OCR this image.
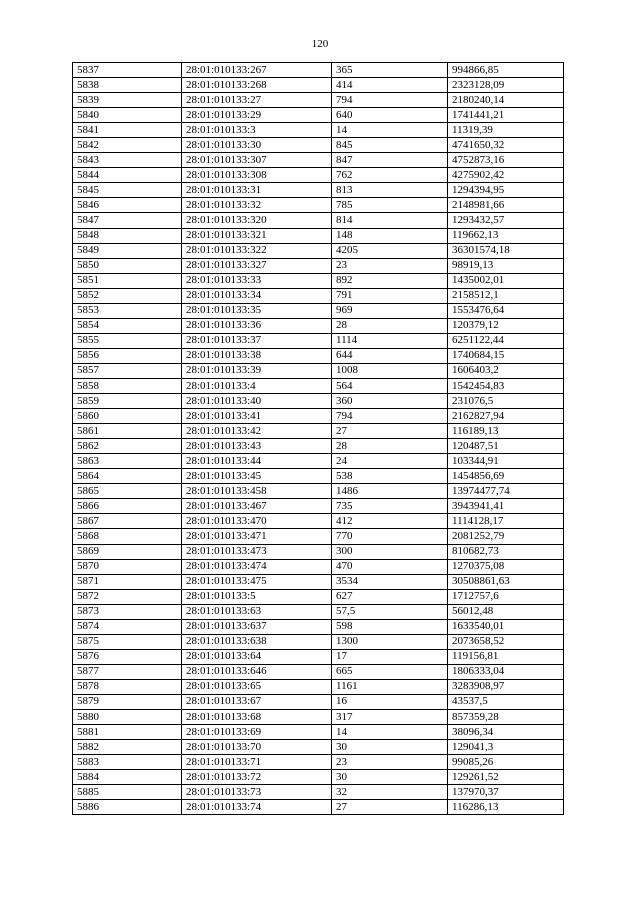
120
5837	28:01:010133:267	365	994866,85
5838	28:01:010133:268	414	2323128,09
5839	28:01:010133:27	794	2180240,14
5840	28:01:010133:29	640	1741441,21
5841	28:01:010133:3	14	11319,39
5842	28:01:010133:30	845	4741650,32
5843	28:01:010133:307	847	4752873,16
5844	28:01:010133:308	762	4275902,42
5845	28:01:010133:31	813	1294394,95
5846	28:01:010133:32	785	2148981,66
5847	28:01:010133:320	814	1293432,57
5848	28:01:010133:321	148	119662,13
5849	28:01:010133:322	4205	36301574,18
5850	28:01:010133:327	23	98919,13
5851	28:01:010133:33	892	1435002,01
5852	28:01:010133:34	791	2158512,1
5853	28:01:010133:35	969	1553476,64
5854	28:01:010133:36	28	120379,12
5855	28:01:010133:37	1114	6251122,44
5856	28:01:010133:38	644	1740684,15
5857	28:01:010133:39	1008	1606403,2
5858	28:01:010133:4	564	1542454,83
5859	28:01:010133:40	360	231076,5
5860	28:01:010133:41	794	2162827,94
5861	28:01:010133:42	27	116189,13
5862	28:01:010133:43	28	120487,51
5863	28:01:010133:44	24	103344,91
5864	28:01:010133:45	538	1454856,69
5865	28:01:010133:458	1486	13974477,74
5866	28:01:010133:467	735	3943941,41
5867	28:01:010133:470	412	1114128,17
5868	28:01:010133:471	770	2081252,79
5869	28:01:010133:473	300	810682,73
5870	28:01:010133:474	470	1270375,08
5871	28:01:010133:475	3534	30508861,63
5872	28:01:010133:5	627	1712757,6
5873	28:01:010133:63	57,5	56012,48
5874	28:01:010133:637	598	1633540,01
5875	28:01:010133:638	1300	2073658,52
5876	28:01:010133:64	17	119156,81
5877	28:01:010133:646	665	1806333,04
5878	28:01:010133:65	1161	3283908,97
5879	28:01:010133:67	16	43537,5
5880	28:01:010133:68	317	857359,28
5881	28:01:010133:69	14	38096,34
5882	28:01:010133:70	30	129041,3
5883	28:01:010133:71	23	99085,26
5884	28:01:010133:72	30	129261,52
5885	28:01:010133:73	32	137970,37
5886	28:01:010133:74	27	116286,13
